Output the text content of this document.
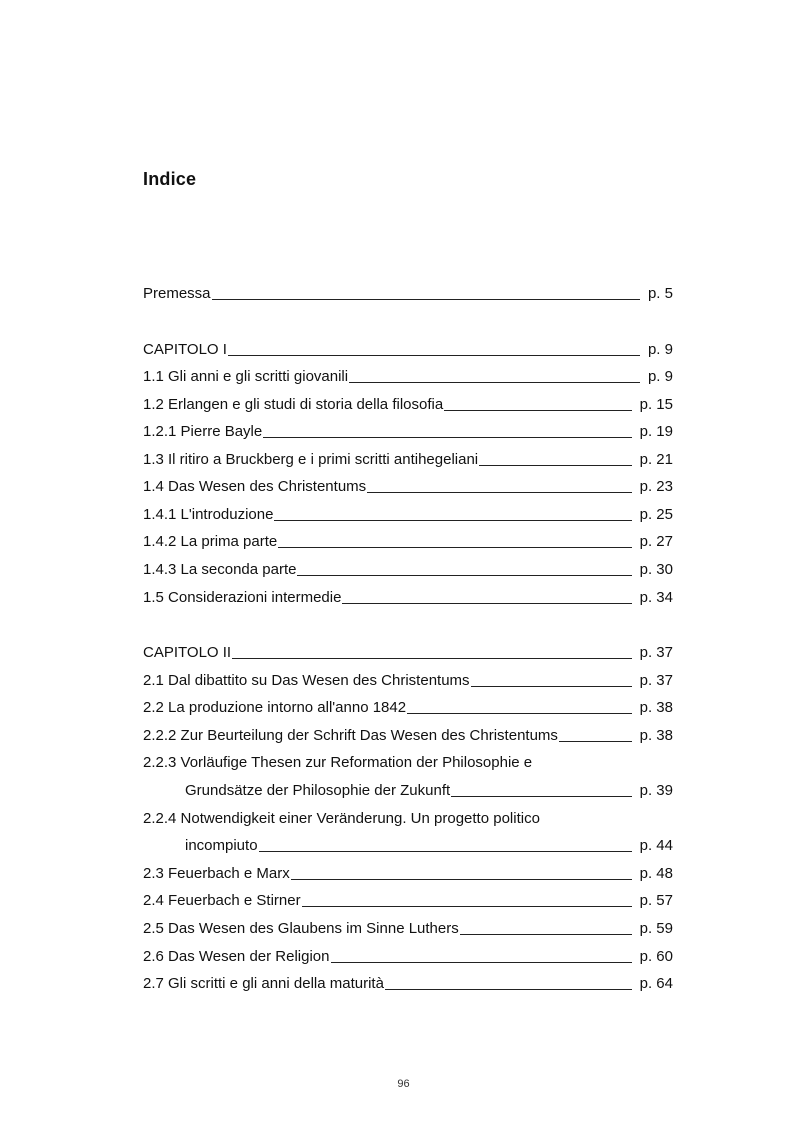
Indice
Premessa	p. 5
CAPITOLO I	p. 9
1.1 Gli anni e gli scritti giovanili	p. 9
1.2 Erlangen e gli studi di storia della filosofia	p. 15
1.2.1 Pierre Bayle	p. 19
1.3 Il ritiro a Bruckberg e i primi scritti antihegeliani	p. 21
1.4 Das Wesen des Christentums	p. 23
1.4.1 L'introduzione	p. 25
1.4.2 La prima parte	p. 27
1.4.3 La seconda parte	p. 30
1.5 Considerazioni intermedie	p. 34
CAPITOLO II	p. 37
2.1 Dal dibattito su Das Wesen des Christentums	p. 37
2.2 La produzione intorno all'anno 1842	p. 38
2.2.2 Zur Beurteilung der Schrift Das Wesen des Christentums	p. 38
2.2.3 Vorläufige Thesen zur Reformation der Philosophie e
Grundsätze der Philosophie der Zukunft	p. 39
2.2.4 Notwendigkeit einer Veränderung. Un progetto politico
incompiuto	p. 44
2.3 Feuerbach e Marx	p. 48
2.4 Feuerbach e Stirner	p. 57
2.5 Das Wesen des Glaubens im Sinne Luthers	p. 59
2.6 Das Wesen der Religion	p. 60
2.7 Gli scritti e gli anni della maturità	p. 64
96
